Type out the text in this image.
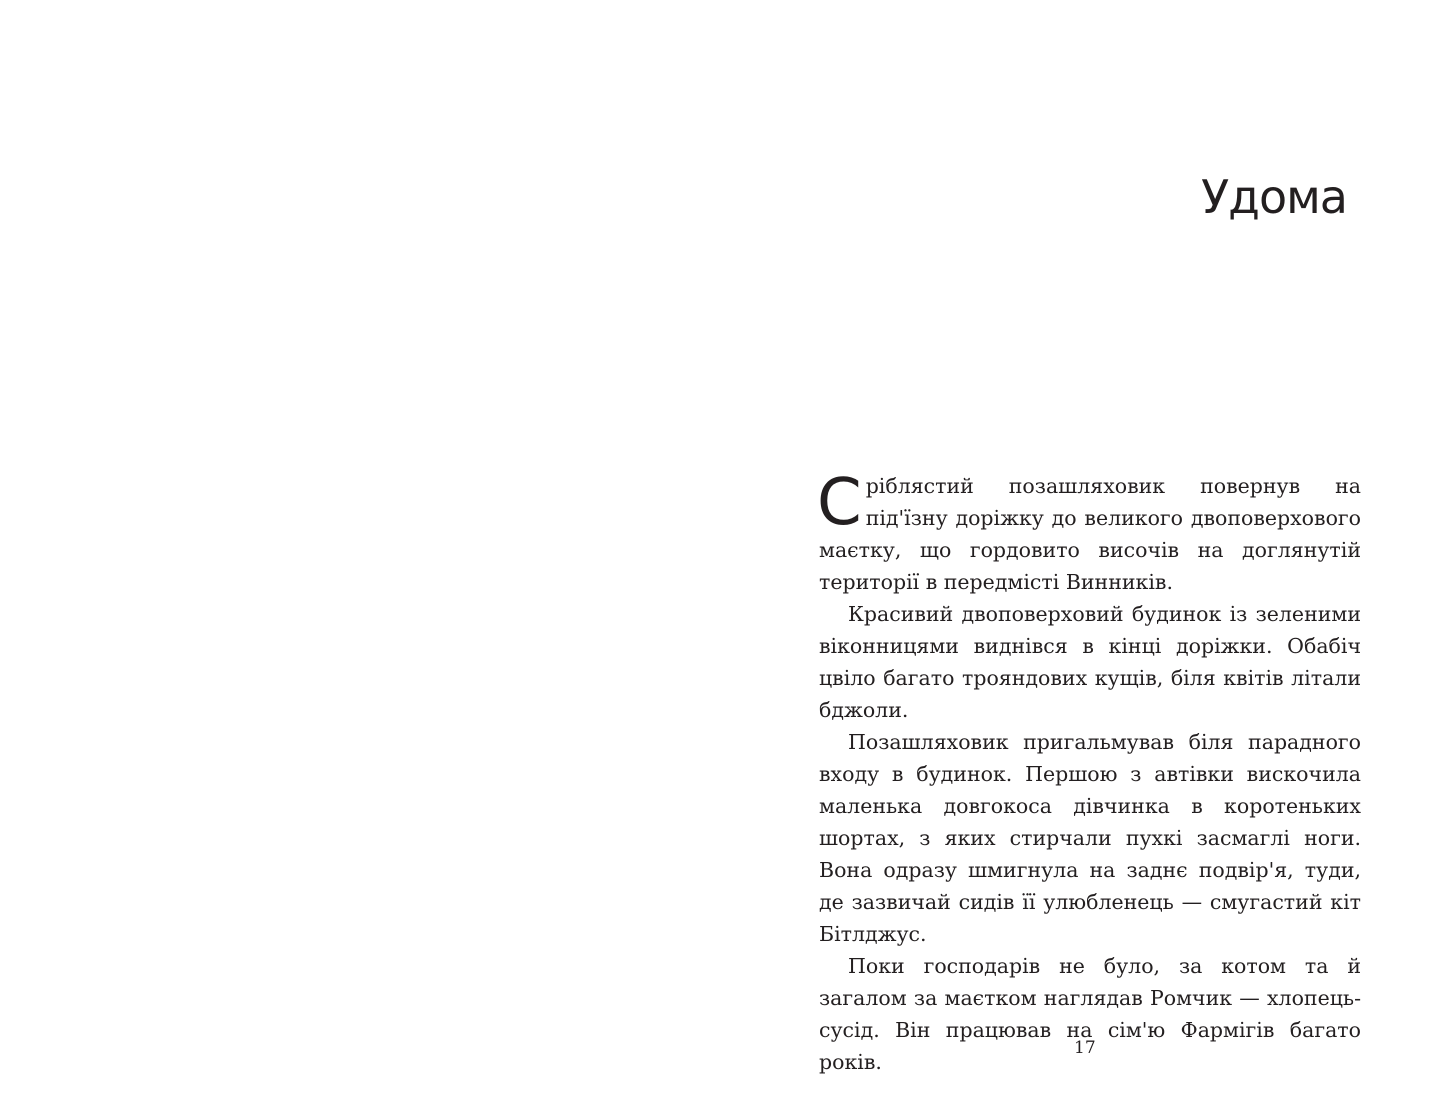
Удома

Сріблястий позашляховик повернув на під'їзну доріжку до великого двоповерхового маєтку, що гордовито височів на доглянутій території в передмісті Винників.

Красивий двоповерховий будинок із зеленими віконницями виднівся в кінці доріжки. Обабіч цвіло багато трояндових кущів, біля квітів літали бджоли.

Позашляховик пригальмував біля парадного входу в будинок. Першою з автівки вискочила маленька довгокоса дівчинка в коротеньких шортах, з яких стирчали пухкі засмаглі ноги. Вона одразу шмигнула на заднє подвір'я, туди, де зазвичай сидів її улюбленець — смугастий кіт Бітлджус.

Поки господарів не було, за котом та й загалом за маєтком наглядав Ромчик — хлопець-сусід. Він працював на сім'ю Фармігів багато років.

17
